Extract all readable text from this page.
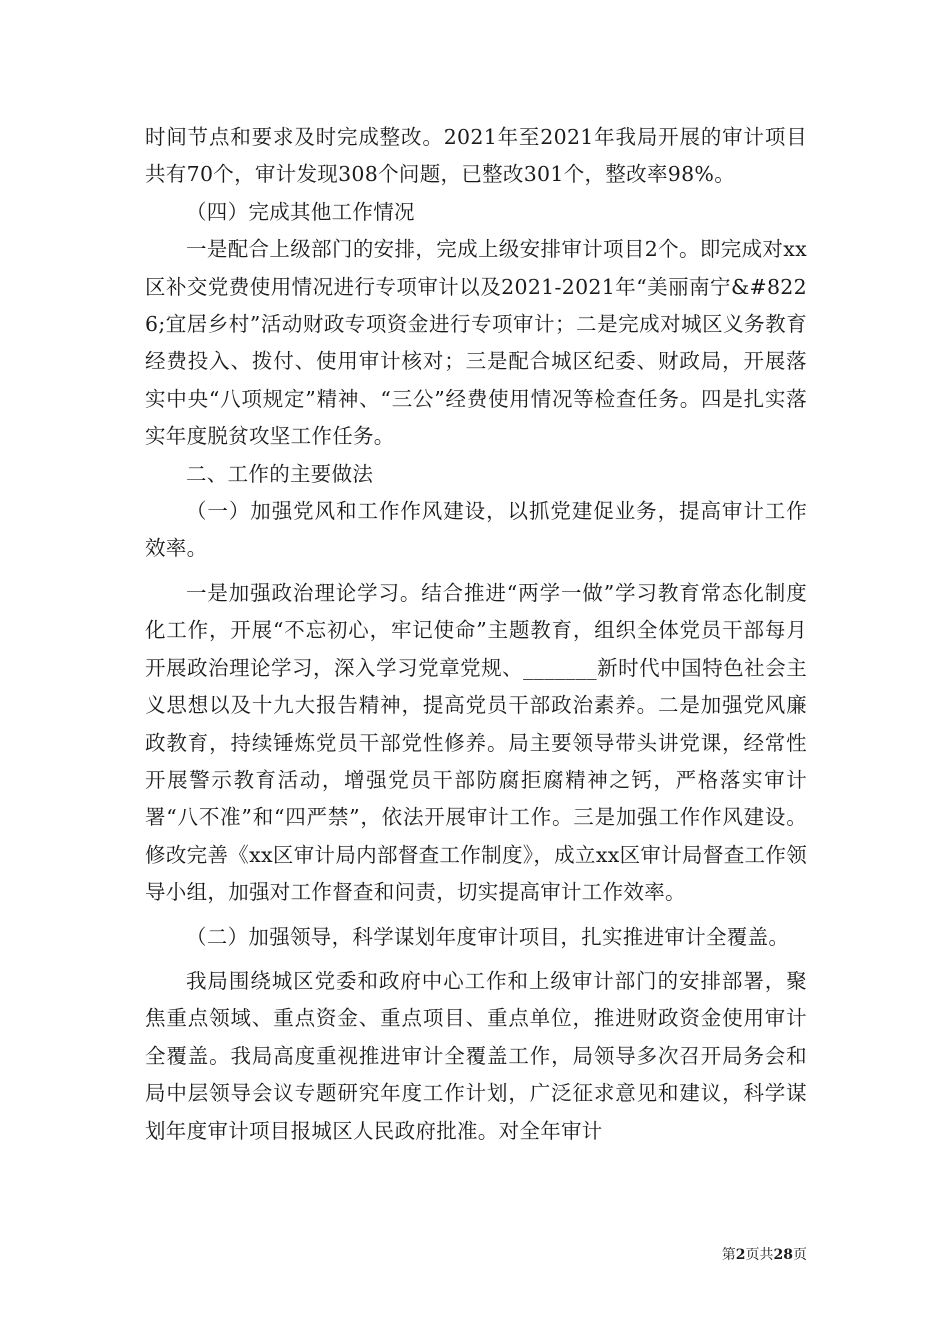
时间节点和要求及时完成整改。2021年至2021年我局开展的审计项目共有70个，审计发现308个问题，已整改301个，整改率98%。

（四）完成其他工作情况

一是配合上级部门的安排，完成上级安排审计项目2个。即完成对xx区补交党费使用情况进行专项审计以及2021-2021年“美丽南宁&#8226;宜居乡村”活动财政专项资金进行专项审计；二是完成对城区义务教育经费投入、拨付、使用审计核对；三是配合城区纪委、财政局，开展落实中央“八项规定”精神、“三公”经费使用情况等检查任务。四是扎实落实年度脱贫攻坚工作任务。

二、工作的主要做法

（一）加强党风和工作作风建设，以抓党建促业务，提高审计工作效率。

一是加强政治理论学习。结合推进“两学一做”学习教育常态化制度化工作，开展“不忘初心，牢记使命”主题教育，组织全体党员干部每月开展政治理论学习，深入学习党章党规、_______新时代中国特色社会主义思想以及十九大报告精神，提高党员干部政治素养。二是加强党风廉政教育，持续锤炼党员干部党性修养。局主要领导带头讲党课，经常性开展警示教育活动，增强党员干部防腐拒腐精神之钙，严格落实审计署“八不准”和“四严禁”，依法开展审计工作。三是加强工作作风建设。修改完善《xx区审计局内部督查工作制度》，成立xx区审计局督查工作领导小组，加强对工作督查和问责，切实提高审计工作效率。

（二）加强领导，科学谋划年度审计项目，扎实推进审计全覆盖。

我局围绕城区党委和政府中心工作和上级审计部门的安排部署，聚焦重点领域、重点资金、重点项目、重点单位，推进财政资金使用审计全覆盖。我局高度重视推进审计全覆盖工作，局领导多次召开局务会和局中层领导会议专题研究年度工作计划，广泛征求意见和建议，科学谋划年度审计项目报城区人民政府批准。对全年审计

第2页共28页
